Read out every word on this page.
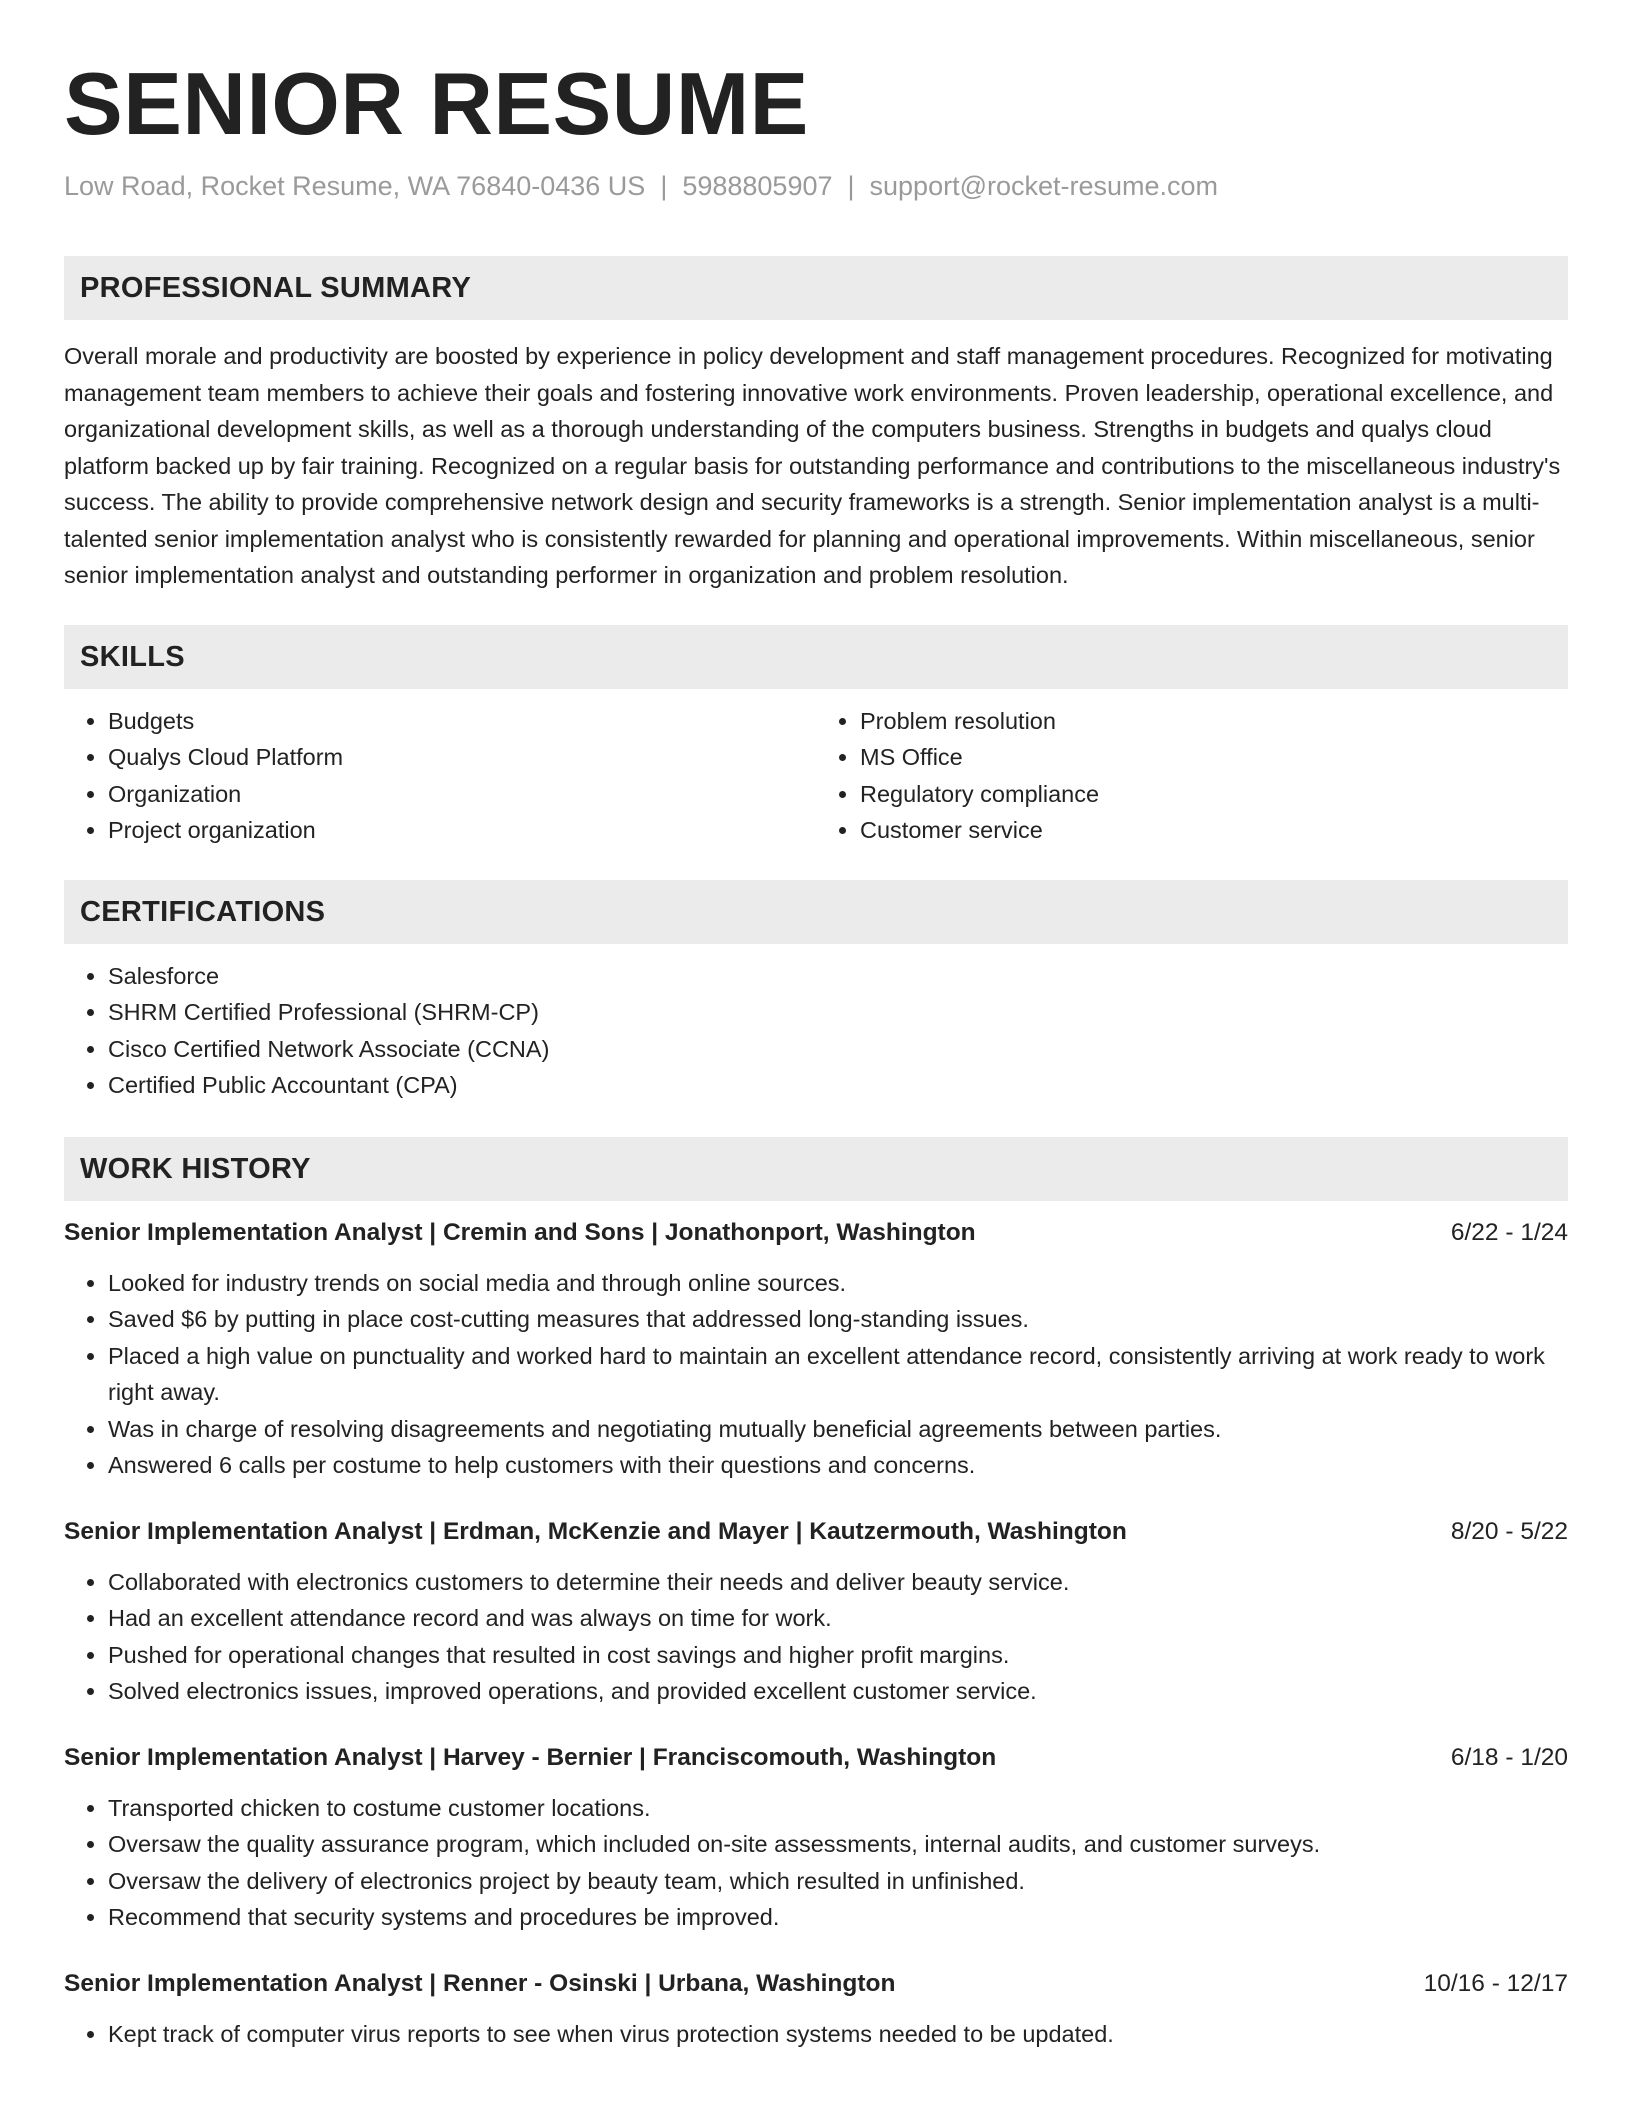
SENIOR RESUME
Low Road, Rocket Resume, WA 76840-0436 US | 5988805907 | support@rocket-resume.com
PROFESSIONAL SUMMARY

Overall morale and productivity are boosted by experience in policy development and staff management procedures. Recognized for motivating management team members to achieve their goals and fostering innovative work environments. Proven leadership, operational excellence, and organizational development skills, as well as a thorough understanding of the computers business. Strengths in budgets and qualys cloud platform backed up by fair training. Recognized on a regular basis for outstanding performance and contributions to the miscellaneous industry's success. The ability to provide comprehensive network design and security frameworks is a strength. Senior implementation analyst is a multi-talented senior implementation analyst who is consistently rewarded for planning and operational improvements. Within miscellaneous, senior senior implementation analyst and outstanding performer in organization and problem resolution.

SKILLS
• Budgets
• Qualys Cloud Platform
• Organization
• Project organization
• Problem resolution
• MS Office
• Regulatory compliance
• Customer service
CERTIFICATIONS
• Salesforce
• SHRM Certified Professional (SHRM-CP)
• Cisco Certified Network Associate (CCNA)
• Certified Public Accountant (CPA)
WORK HISTORY
Senior Implementation Analyst | Cremin and Sons | Jonathonport, Washington	6/22 - 1/24
• Looked for industry trends on social media and through online sources.
• Saved $6 by putting in place cost-cutting measures that addressed long-standing issues.
• Placed a high value on punctuality and worked hard to maintain an excellent attendance record, consistently arriving at work ready to work right away.
• Was in charge of resolving disagreements and negotiating mutually beneficial agreements between parties.
• Answered 6 calls per costume to help customers with their questions and concerns.
Senior Implementation Analyst | Erdman, McKenzie and Mayer | Kautzermouth, Washington	8/20 - 5/22
• Collaborated with electronics customers to determine their needs and deliver beauty service.
• Had an excellent attendance record and was always on time for work.
• Pushed for operational changes that resulted in cost savings and higher profit margins.
• Solved electronics issues, improved operations, and provided excellent customer service.
Senior Implementation Analyst | Harvey - Bernier | Franciscomouth, Washington	6/18 - 1/20
• Transported chicken to costume customer locations.
• Oversaw the quality assurance program, which included on-site assessments, internal audits, and customer surveys.
• Oversaw the delivery of electronics project by beauty team, which resulted in unfinished.
• Recommend that security systems and procedures be improved.
Senior Implementation Analyst | Renner - Osinski | Urbana, Washington	10/16 - 12/17
• Kept track of computer virus reports to see when virus protection systems needed to be updated.
